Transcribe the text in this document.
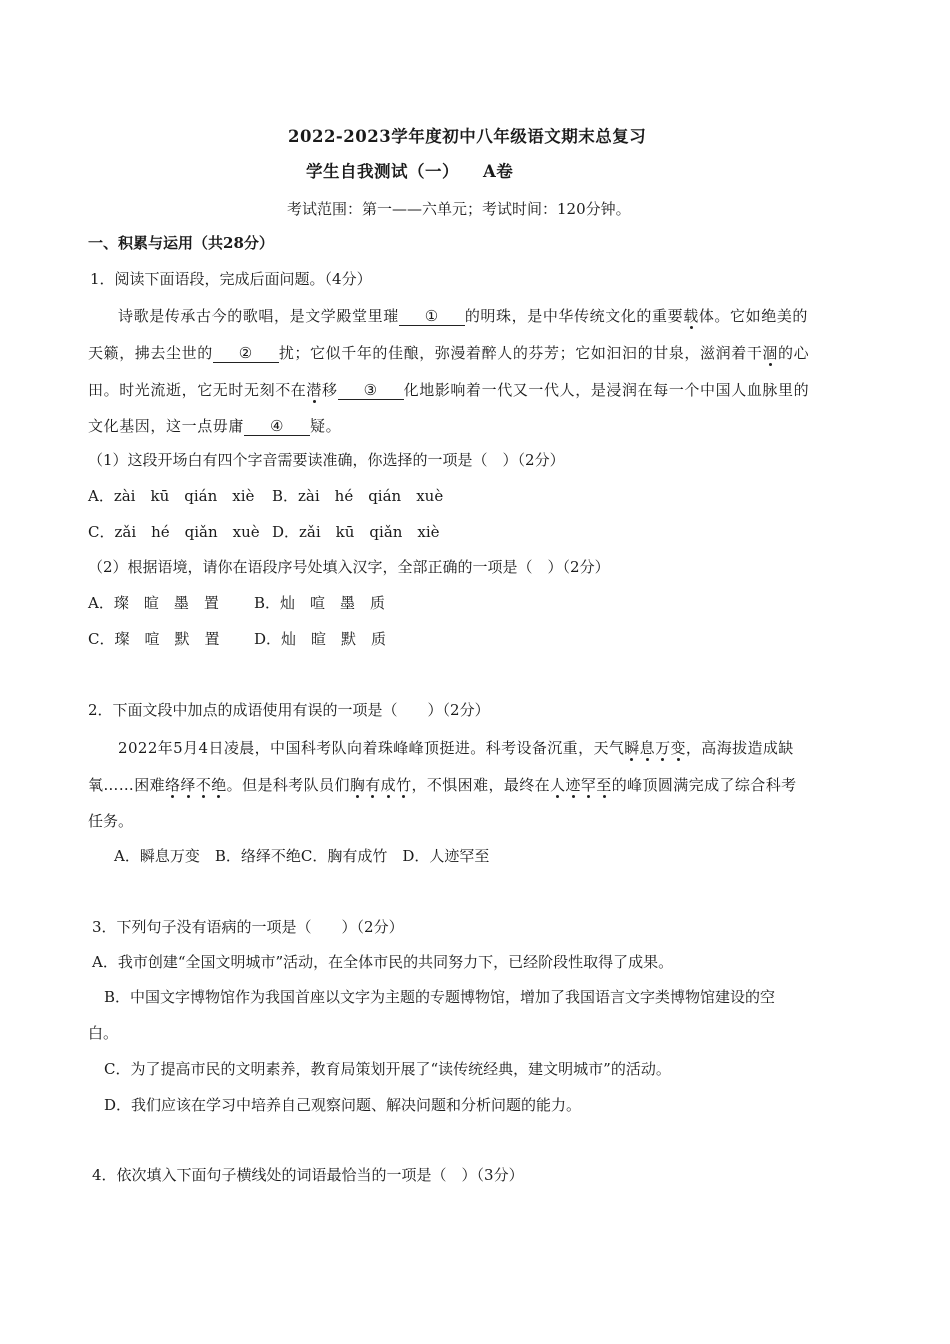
2022-2023学年度初中八年级语文期末总复习
学生自我测试（一） A卷
考试范围：第一——六单元；考试时间：120分钟。
一、积累与运用（共28分）
1．阅读下面语段，完成后面问题。（4分）
诗歌是传承古今的歌唱，是文学殿堂里璀 ① 的明珠，是中华传统文化的重要载体。它如绝美的
天籁，拂去尘世的 ② 扰；它似千年的佳酿，弥漫着醉人的芬芳；它如汩汩的甘泉，滋润着干涸的心
田。时光流逝，它无时无刻不在潜移 ③ 化地影响着一代又一代人，是浸润在每一个中国人血脉里的
文化基因，这一点毋庸 ④ 疑。
（1）这段开场白有四个字音需要读准确，你选择的一项是（　）（2分）
A．zài　kū　qián　xiè B．zài　hé　qián　xuè
C．zǎi　hé　qiǎn　xuè D．zǎi　kū　qiǎn　xiè
（2）根据语境，请你在语段序号处填入汉字，全部正确的一项是（　）（2分）
A．璨　暄　墨　置 B．灿　喧　墨　质
C．璨　喧　默　置 D．灿　暄　默　质
2．下面文段中加点的成语使用有误的一项是（　　）（2分）
2022年5月4日凌晨，中国科考队向着珠峰峰顶挺进。科考设备沉重，天气瞬息万变，高海拔造成缺
氧……困难络绎不绝。但是科考队员们胸有成竹，不惧困难，最终在人迹罕至的峰顶圆满完成了综合科考
任务。
A．瞬息万变　B．络绎不绝C．胸有成竹　D．人迹罕至
3．下列句子没有语病的一项是（　　）（2分）
A．我市创建“全国文明城市”活动，在全体市民的共同努力下，已经阶段性取得了成果。
B．中国文字博物馆作为我国首座以文字为主题的专题博物馆，增加了我国语言文字类博物馆建设的空
白。
C．为了提高市民的文明素养，教育局策划开展了“读传统经典，建文明城市”的活动。
D．我们应该在学习中培养自己观察问题、解决问题和分析问题的能力。
4．依次填入下面句子横线处的词语最恰当的一项是（　）（3分）
